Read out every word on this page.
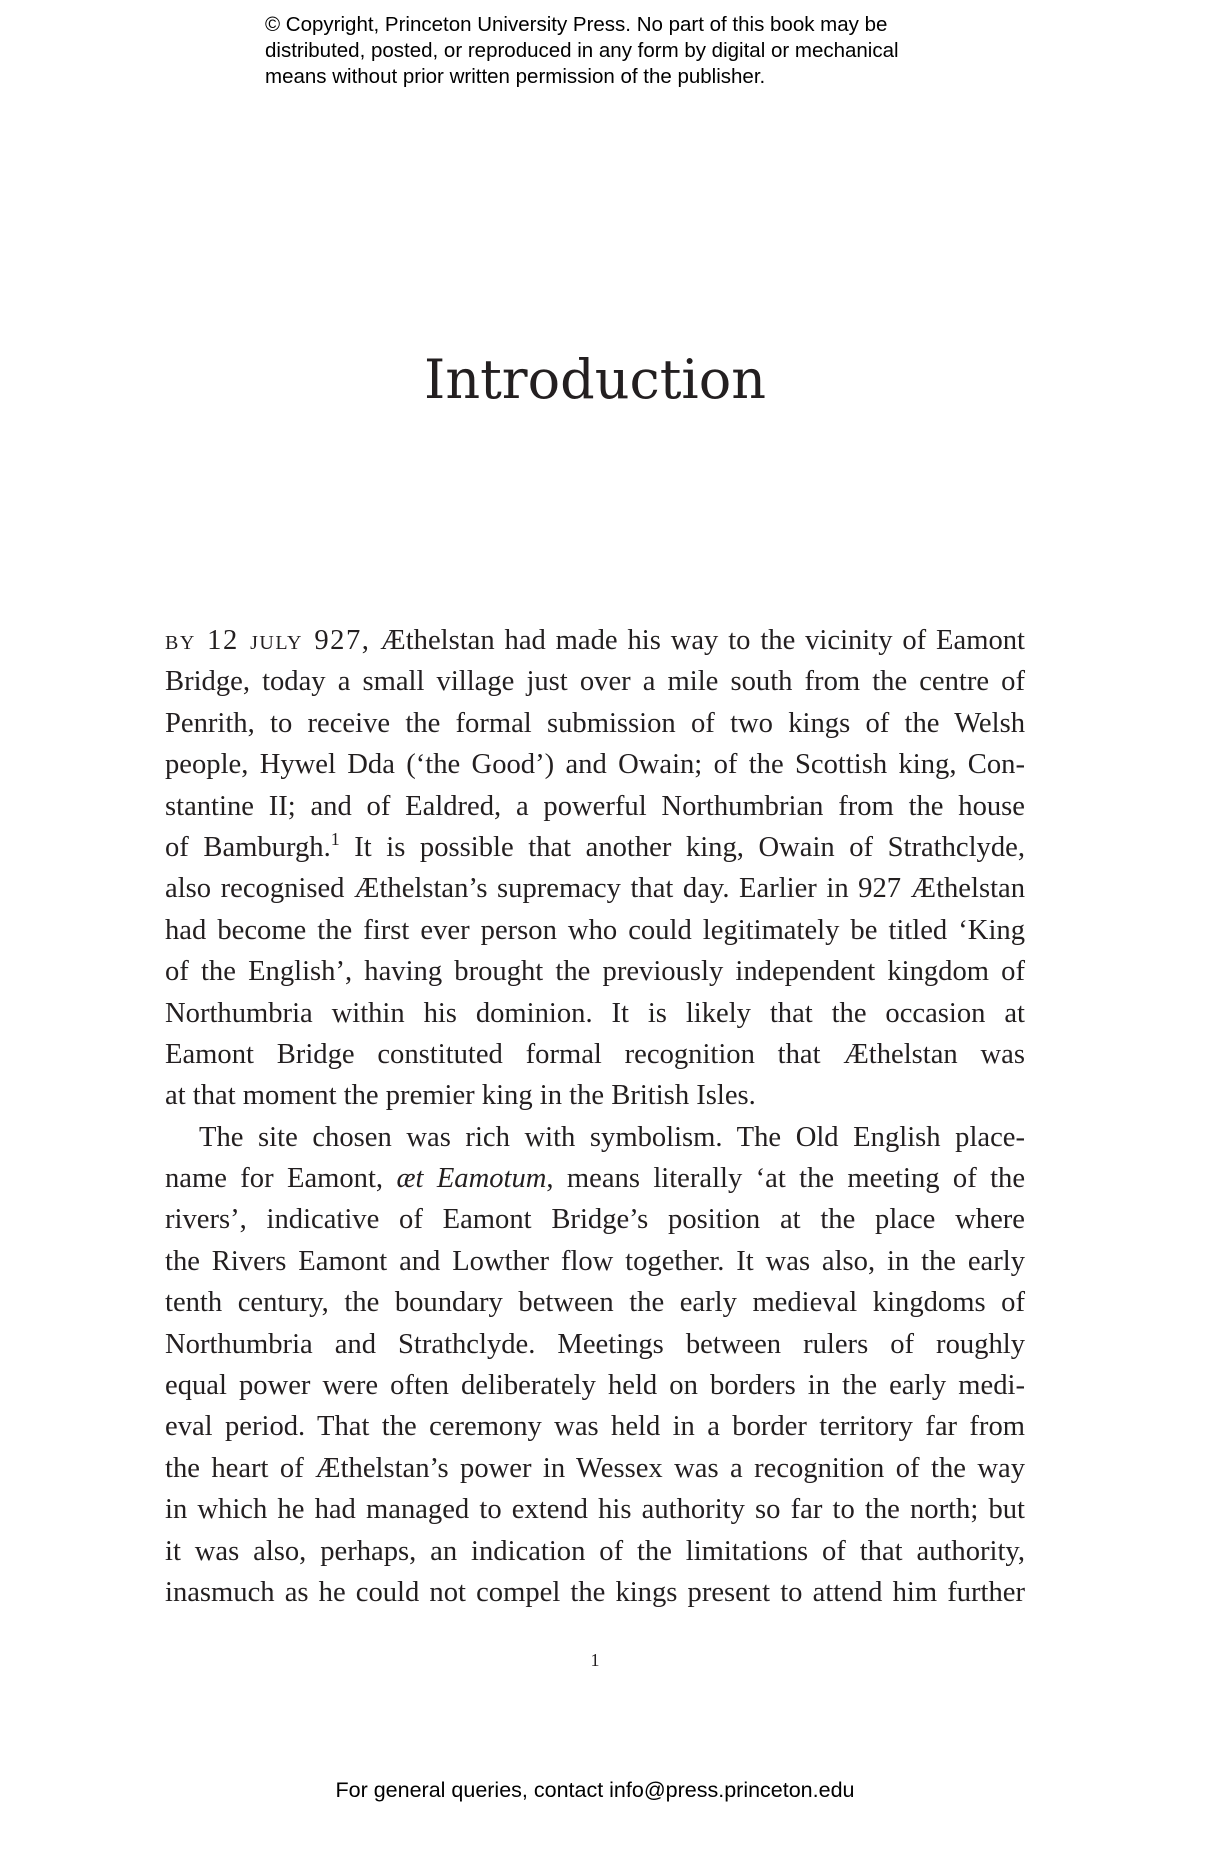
© Copyright, Princeton University Press. No part of this book may be
distributed, posted, or reproduced in any form by digital or mechanical
means without prior written permission of the publisher.
Introduction
by 12 july 927, Æthelstan had made his way to the vicinity of Eamont
Bridge, today a small village just over a mile south from the centre of
Penrith, to receive the formal submission of two kings of the Welsh
people, Hywel Dda (‘the Good’) and Owain; of the Scottish king, Con-
stantine II; and of Ealdred, a powerful Northumbrian from the house
of Bamburgh.$^1$ It is possible that another king, Owain of Strathclyde,
also recognised Æthelstan’s supremacy that day. Earlier in 927 Æthelstan
had become the first ever person who could legitimately be titled ‘King
of the English’, having brought the previously independent kingdom of
Northumbria within his dominion. It is likely that the occasion at
Eamont Bridge constituted formal recognition that Æthelstan was
at that moment the premier king in the British Isles.
The site chosen was rich with symbolism. The Old English place-
name for Eamont, æt Eamotum, means literally ‘at the meeting of the
rivers’, indicative of Eamont Bridge’s position at the place where
the Rivers Eamont and Lowther flow together. It was also, in the early
tenth century, the boundary between the early medieval kingdoms of
Northumbria and Strathclyde. Meetings between rulers of roughly
equal power were often deliberately held on borders in the early medi-
eval period. That the ceremony was held in a border territory far from
the heart of Æthelstan’s power in Wessex was a recognition of the way
in which he had managed to extend his authority so far to the north; but
it was also, perhaps, an indication of the limitations of that authority,
inasmuch as he could not compel the kings present to attend him further
1

For general queries, contact info@press.princeton.edu
